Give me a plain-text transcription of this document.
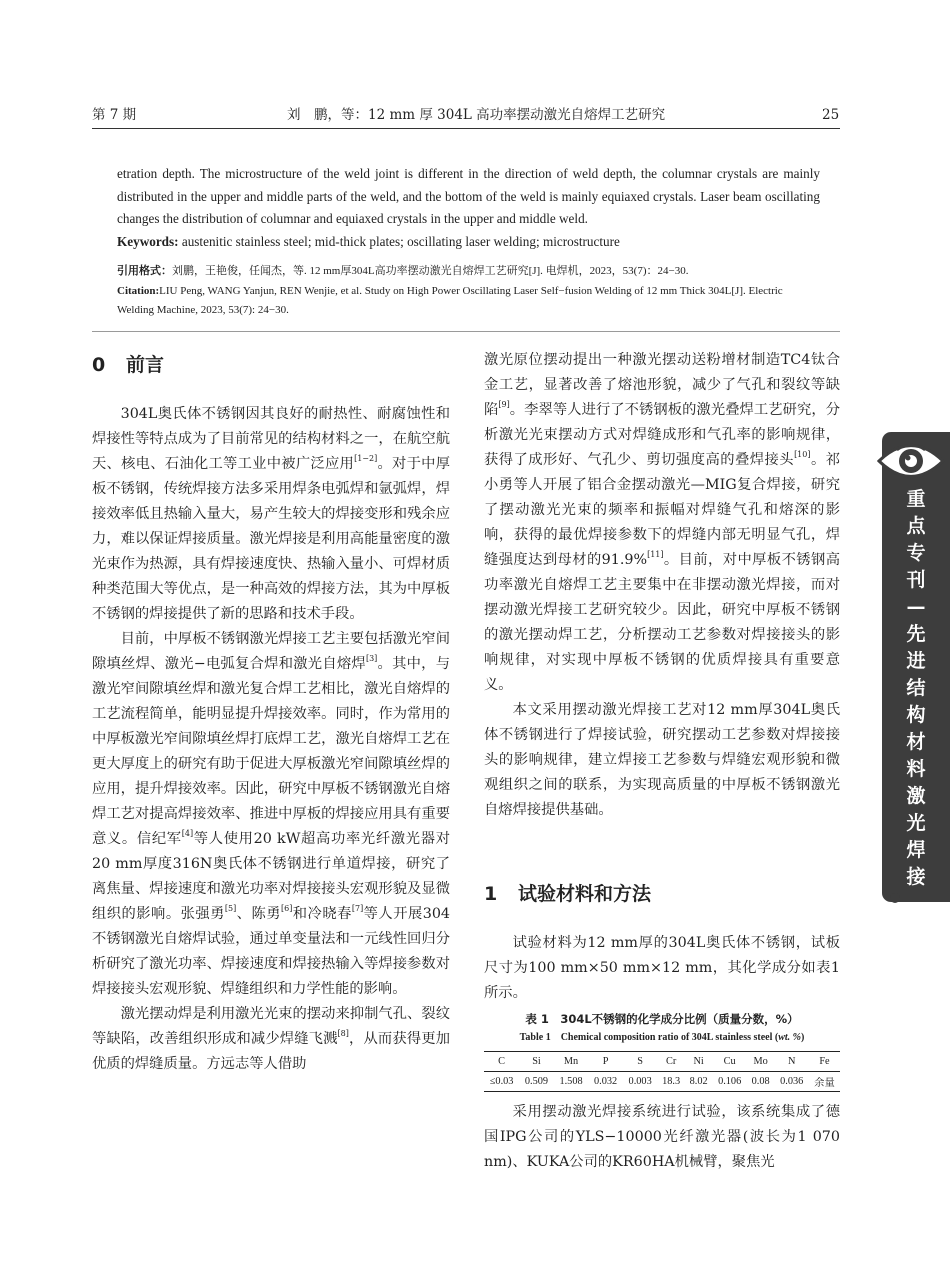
第 7 期	刘　鹏，等：12 mm 厚 304L 高功率摆动激光自熔焊工艺研究	25

etration depth. The microstructure of the weld joint is different in the direction of weld depth, the columnar crystals are mainly distributed in the upper and middle parts of the weld, and the bottom of the weld is mainly equiaxed crystals. Laser beam oscillating changes the distribution of columnar and equiaxed crystals in the upper and middle weld.

Keywords: austenitic stainless steel; mid-thick plates; oscillating laser welding; microstructure

引用格式：刘鹏，王艳俊，任闻杰，等. 12 mm厚304L高功率摆动激光自熔焊工艺研究[J]. 电焊机，2023，53(7)：24−30.

Citation:LIU Peng, WANG Yanjun, REN Wenjie, et al. Study on High Power Oscillating Laser Self−fusion Welding of 12 mm Thick 304L[J]. Electric Welding Machine, 2023, 53(7): 24−30.

0 前言

304L奥氏体不锈钢因其良好的耐热性、耐腐蚀性和焊接性等特点成为了目前常见的结构材料之一，在航空航天、核电、石油化工等工业中被广泛应用[1−2]。对于中厚板不锈钢，传统焊接方法多采用焊条电弧焊和氩弧焊，焊接效率低且热输入量大，易产生较大的焊接变形和残余应力，难以保证焊接质量。激光焊接是利用高能量密度的激光束作为热源，具有焊接速度快、热输入量小、可焊材质种类范围大等优点，是一种高效的焊接方法，其为中厚板不锈钢的焊接提供了新的思路和技术手段。

目前，中厚板不锈钢激光焊接工艺主要包括激光窄间隙填丝焊、激光−电弧复合焊和激光自熔焊[3]。其中，与激光窄间隙填丝焊和激光复合焊工艺相比，激光自熔焊的工艺流程简单，能明显提升焊接效率。同时，作为常用的中厚板激光窄间隙填丝焊打底焊工艺，激光自熔焊工艺在更大厚度上的研究有助于促进大厚板激光窄间隙填丝焊的应用，提升焊接效率。因此，研究中厚板不锈钢激光自熔焊工艺对提高焊接效率、推进中厚板的焊接应用具有重要意义。信纪军[4]等人使用20 kW超高功率光纤激光器对20 mm厚度316N奥氏体不锈钢进行单道焊接，研究了离焦量、焊接速度和激光功率对焊接接头宏观形貌及显微组织的影响。张强勇[5]、陈勇[6]和冷晓春[7]等人开展304不锈钢激光自熔焊试验，通过单变量法和一元线性回归分析研究了激光功率、焊接速度和焊接热输入等焊接参数对焊接接头宏观形貌、焊缝组织和力学性能的影响。

激光摆动焊是利用激光光束的摆动来抑制气孔、裂纹等缺陷，改善组织形成和减少焊缝飞溅[8]，从而获得更加优质的焊缝质量。方远志等人借助

激光原位摆动提出一种激光摆动送粉增材制造TC4钛合金工艺，显著改善了熔池形貌，减少了气孔和裂纹等缺陷[9]。李翠等人进行了不锈钢板的激光叠焊工艺研究，分析激光光束摆动方式对焊缝成形和气孔率的影响规律，获得了成形好、气孔少、剪切强度高的叠焊接头[10]。祁小勇等人开展了铝合金摆动激光—MIG复合焊接，研究了摆动激光光束的频率和振幅对焊缝气孔和熔深的影响，获得的最优焊接参数下的焊缝内部无明显气孔，焊缝强度达到母材的91.9%[11]。目前，对中厚板不锈钢高功率激光自熔焊工艺主要集中在非摆动激光焊接，而对摆动激光焊接工艺研究较少。因此，研究中厚板不锈钢的激光摆动焊工艺，分析摆动工艺参数对焊接接头的影响规律，对实现中厚板不锈钢的优质焊接具有重要意义。

本文采用摆动激光焊接工艺对12 mm厚304L奥氏体不锈钢进行了焊接试验，研究摆动工艺参数对焊接接头的影响规律，建立焊接工艺参数与焊缝宏观形貌和微观组织之间的联系，为实现高质量的中厚板不锈钢激光自熔焊接提供基础。

1 试验材料和方法

试验材料为12 mm厚的304L奥氏体不锈钢，试板尺寸为100 mm×50 mm×12 mm，其化学成分如表1所示。

表 1　304L不锈钢的化学成分比例（质量分数，%）
Table 1　Chemical composition ratio of 304L stainless steel (wt. %)
C	Si	Mn	P	S	Cr	Ni	Cu	Mo	N	Fe
≤0.03	0.509	1.508	0.032	0.003	18.3	8.02	0.106	0.08	0.036	余量

采用摆动激光焊接系统进行试验，该系统集成了德国IPG公司的YLS−10000光纤激光器(波长为1 070 nm)、KUKA公司的KR60HA机械臂，聚焦光

重
点
专
刊
—
先
进
结
构
材
料
激
光
焊
接
